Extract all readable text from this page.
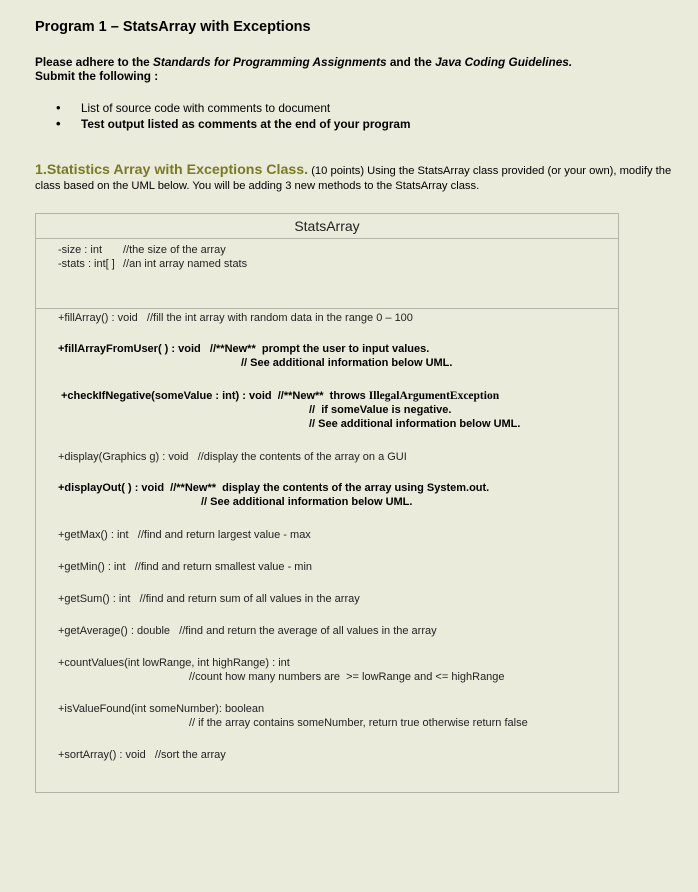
Program 1 – StatsArray with Exceptions

Please adhere to the Standards for Programming Assignments and the Java Coding Guidelines. Submit the following :

• List of source code with comments to document
• Test output listed as comments at the end of your program

1.Statistics Array with Exceptions Class. (10 points) Using the StatsArray class provided (or your own), modify the class based on the UML below. You will be adding 3 new methods to the StatsArray class.

StatsArray
-size : int //the size of the array
-stats : int[ ] //an int array named stats
+fillArray() : void   //fill the int array with random data in the range 0 – 100
+fillArrayFromUser( ) : void   //**New**  prompt the user to input values.
// See additional information below UML.
+checkIfNegative(someValue : int) : void  //**New**  throws IllegalArgumentException
//  if someValue is negative.
// See additional information below UML.
+display(Graphics g) : void   //display the contents of the array on a GUI
+displayOut( ) : void  //**New**  display the contents of the array using System.out.
// See additional information below UML.
+getMax() : int   //find and return largest value - max
+getMin() : int   //find and return smallest value - min
+getSum() : int   //find and return sum of all values in the array
+getAverage() : double   //find and return the average of all values in the array
+countValues(int lowRange, int highRange) : int
//count how many numbers are  >= lowRange and <= highRange
+isValueFound(int someNumber): boolean
// if the array contains someNumber, return true otherwise return false
+sortArray() : void   //sort the array
